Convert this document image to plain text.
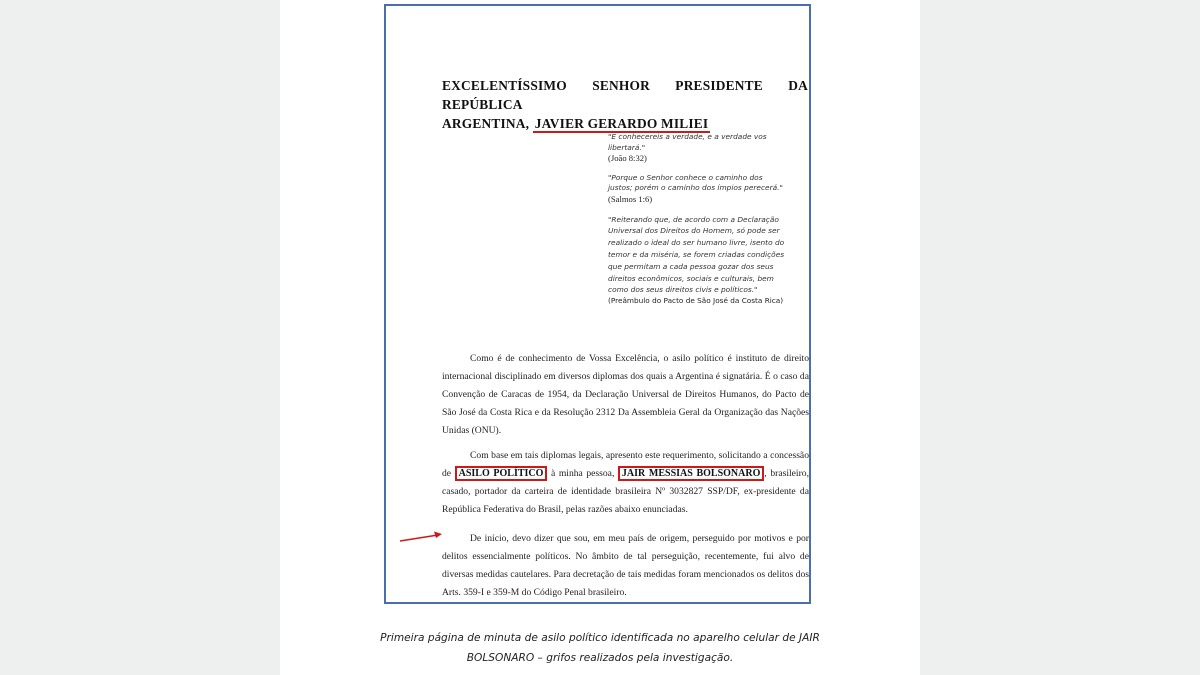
EXCELENTÍSSIMO SENHOR PRESIDENTE DA REPÚBLICA
ARGENTINA, JAVIER GERARDO MILIEI
"E conhecereis a verdade, e a verdade vos libertará."
(João 8:32)
"Porque o Senhor conhece o caminho dos justos; porém o caminho dos ímpios perecerá."
(Salmos 1:6)
"Reiterando que, de acordo com a Declaração Universal dos Direitos do Homem, só pode ser realizado o ideal do ser humano livre, isento do temor e da miséria, se forem criadas condições que permitam a cada pessoa gozar dos seus direitos econômicos, sociais e culturais, bem como dos seus direitos civis e políticos."
(Preâmbulo do Pacto de São José da Costa Rica)
Como é de conhecimento de Vossa Excelência, o asilo político é instituto de direito internacional disciplinado em diversos diplomas dos quais a Argentina é signatária. É o caso da Convenção de Caracas de 1954, da Declaração Universal de Direitos Humanos, do Pacto de São José da Costa Rica e da Resolução 2312 Da Assembleia Geral da Organização das Nações Unidas (ONU).
Com base em tais diplomas legais, apresento este requerimento, solicitando a concessão de ASILO POLÍTICO à minha pessoa, JAIR MESSIAS BOLSONARO , brasileiro, casado, portador da carteira de identidade brasileira Nº 3032827 SSP/DF, ex-presidente da República Federativa do Brasil, pelas razões abaixo enunciadas.
De início, devo dizer que sou, em meu país de origem, perseguido por motivos e por delitos essencialmente políticos. No âmbito de tal perseguição, recentemente, fui alvo de diversas medidas cautelares. Para decretação de tais medidas foram mencionados os delitos dos Arts. 359-I e 359-M do Código Penal brasileiro.
Primeira página de minuta de asilo político identificada no aparelho celular de JAIR
BOLSONARO – grifos realizados pela investigação.
